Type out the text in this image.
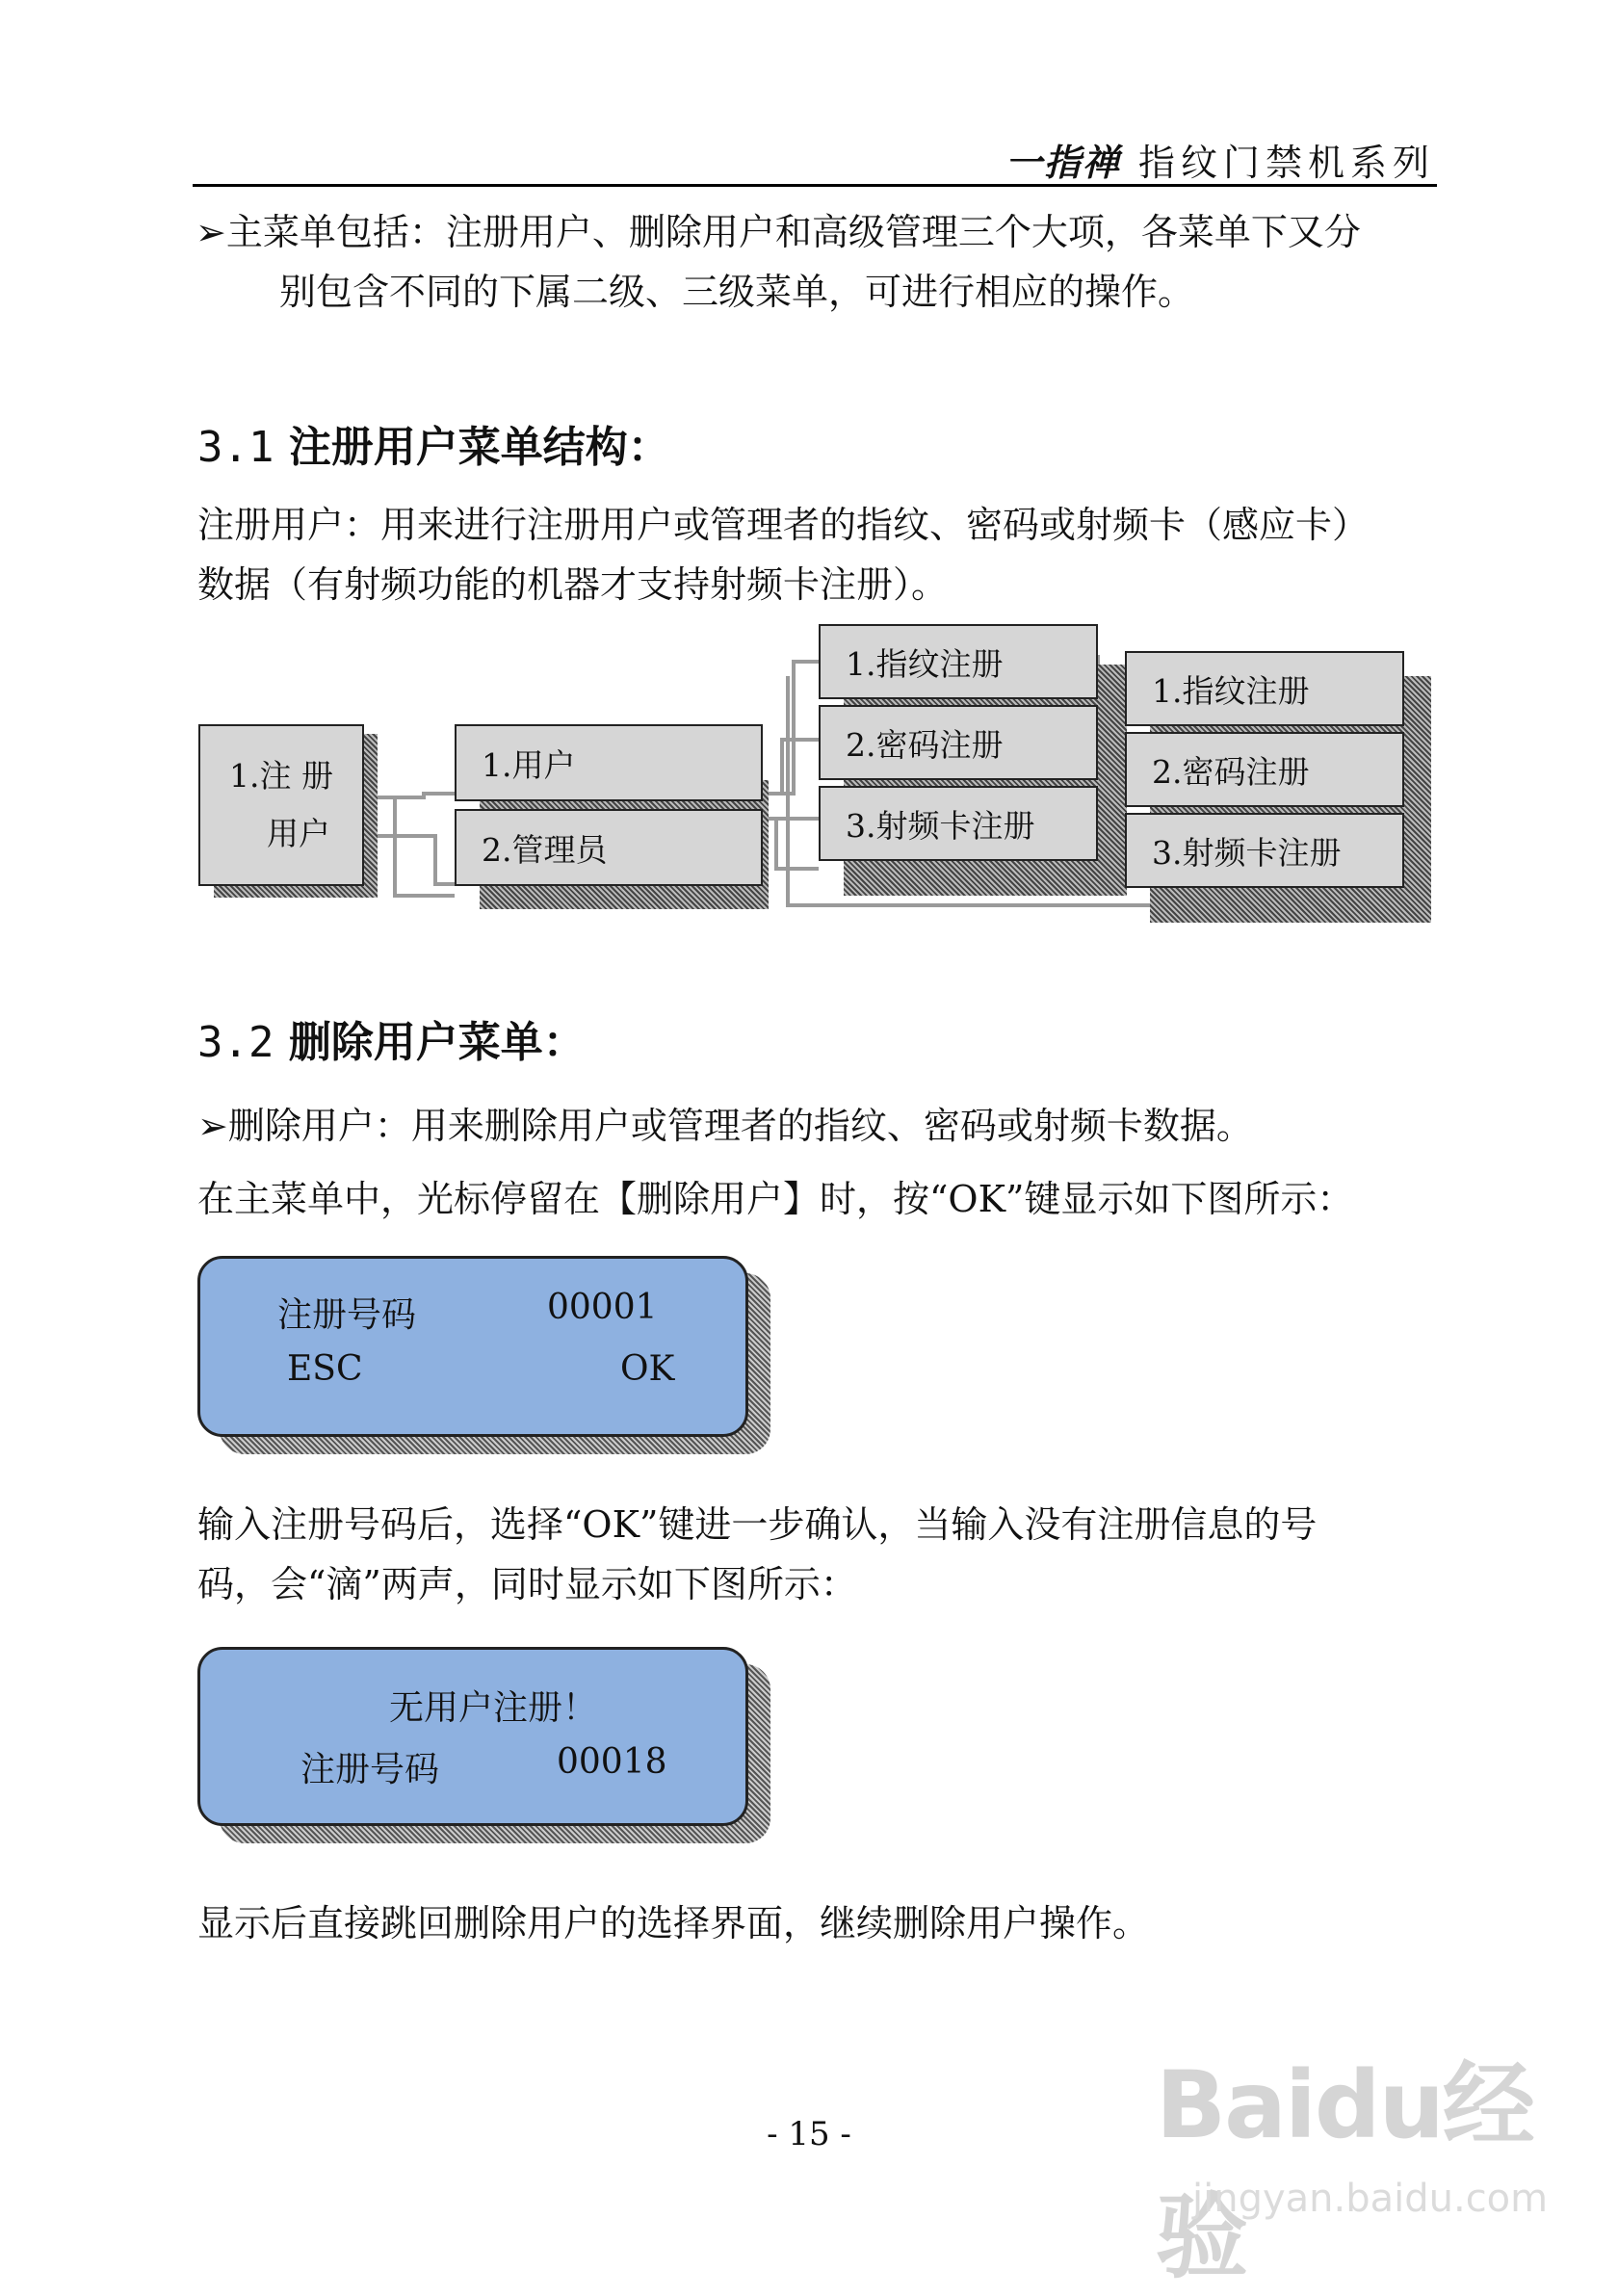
一指禅 指纹门禁机系列
➢主菜单包括：注册用户、删除用户和高级管理三个大项，各菜单下又分
别包含不同的下属二级、三级菜单，可进行相应的操作。
3.1 注册用户菜单结构：
注册用户：用来进行注册用户或管理者的指纹、密码或射频卡（感应卡）
数据（有射频功能的机器才支持射频卡注册）。
1.注 册
用户
1.用户
2.管理员
1.指纹注册
2.密码注册
3.射频卡注册
1.指纹注册
2.密码注册
3.射频卡注册
3.2 删除用户菜单：
➢删除用户：用来删除用户或管理者的指纹、密码或射频卡数据。
在主菜单中，光标停留在【删除用户】时，按“OK”键显示如下图所示：
注册号码	00001
ESC	OK
输入注册号码后，选择“OK”键进一步确认，当输入没有注册信息的号
码，会“滴”两声，同时显示如下图所示：
无用户注册！
注册号码	00018
显示后直接跳回删除用户的选择界面，继续删除用户操作。
- 15 -	Baidu经验
jingyan.baidu.com
